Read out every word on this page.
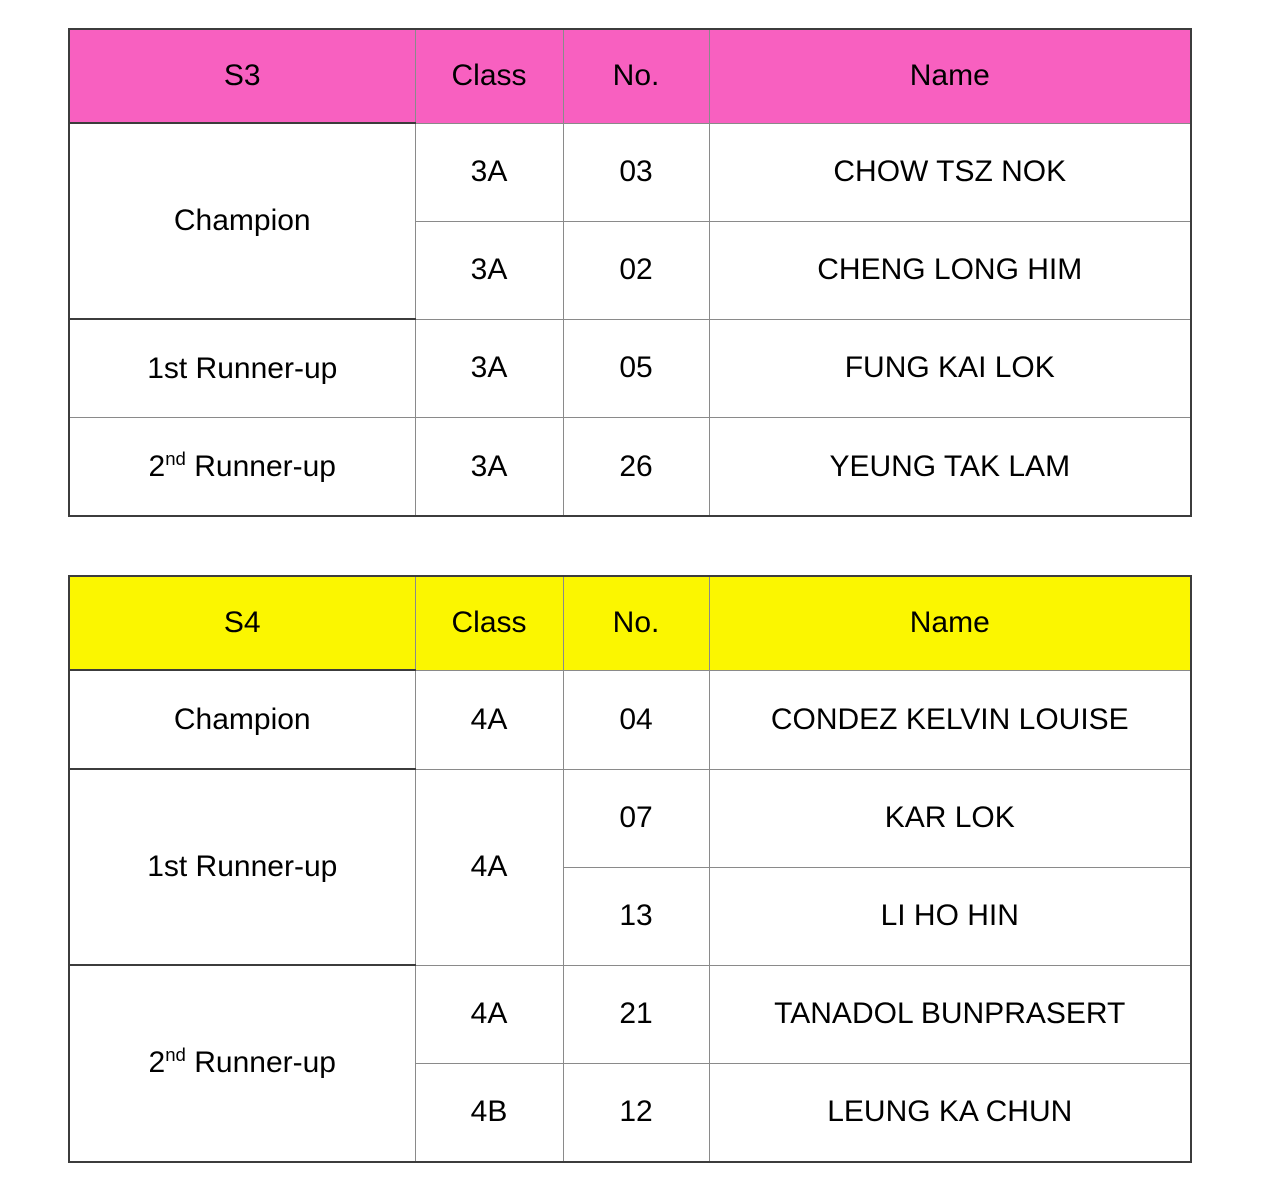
S3	Class	No.	Name
Champion	3A	03	CHOW TSZ NOK
	3A	02	CHENG LONG HIM
1st Runner-up	3A	05	FUNG KAI LOK
2nd Runner-up	3A	26	YEUNG TAK LAM
S4	Class	No.	Name
Champion	4A	04	CONDEZ KELVIN LOUISE
1st Runner-up	4A	07	KAR LOK
		13	LI HO HIN
2nd Runner-up	4A	21	TANADOL BUNPRASERT
	4B	12	LEUNG KA CHUN
